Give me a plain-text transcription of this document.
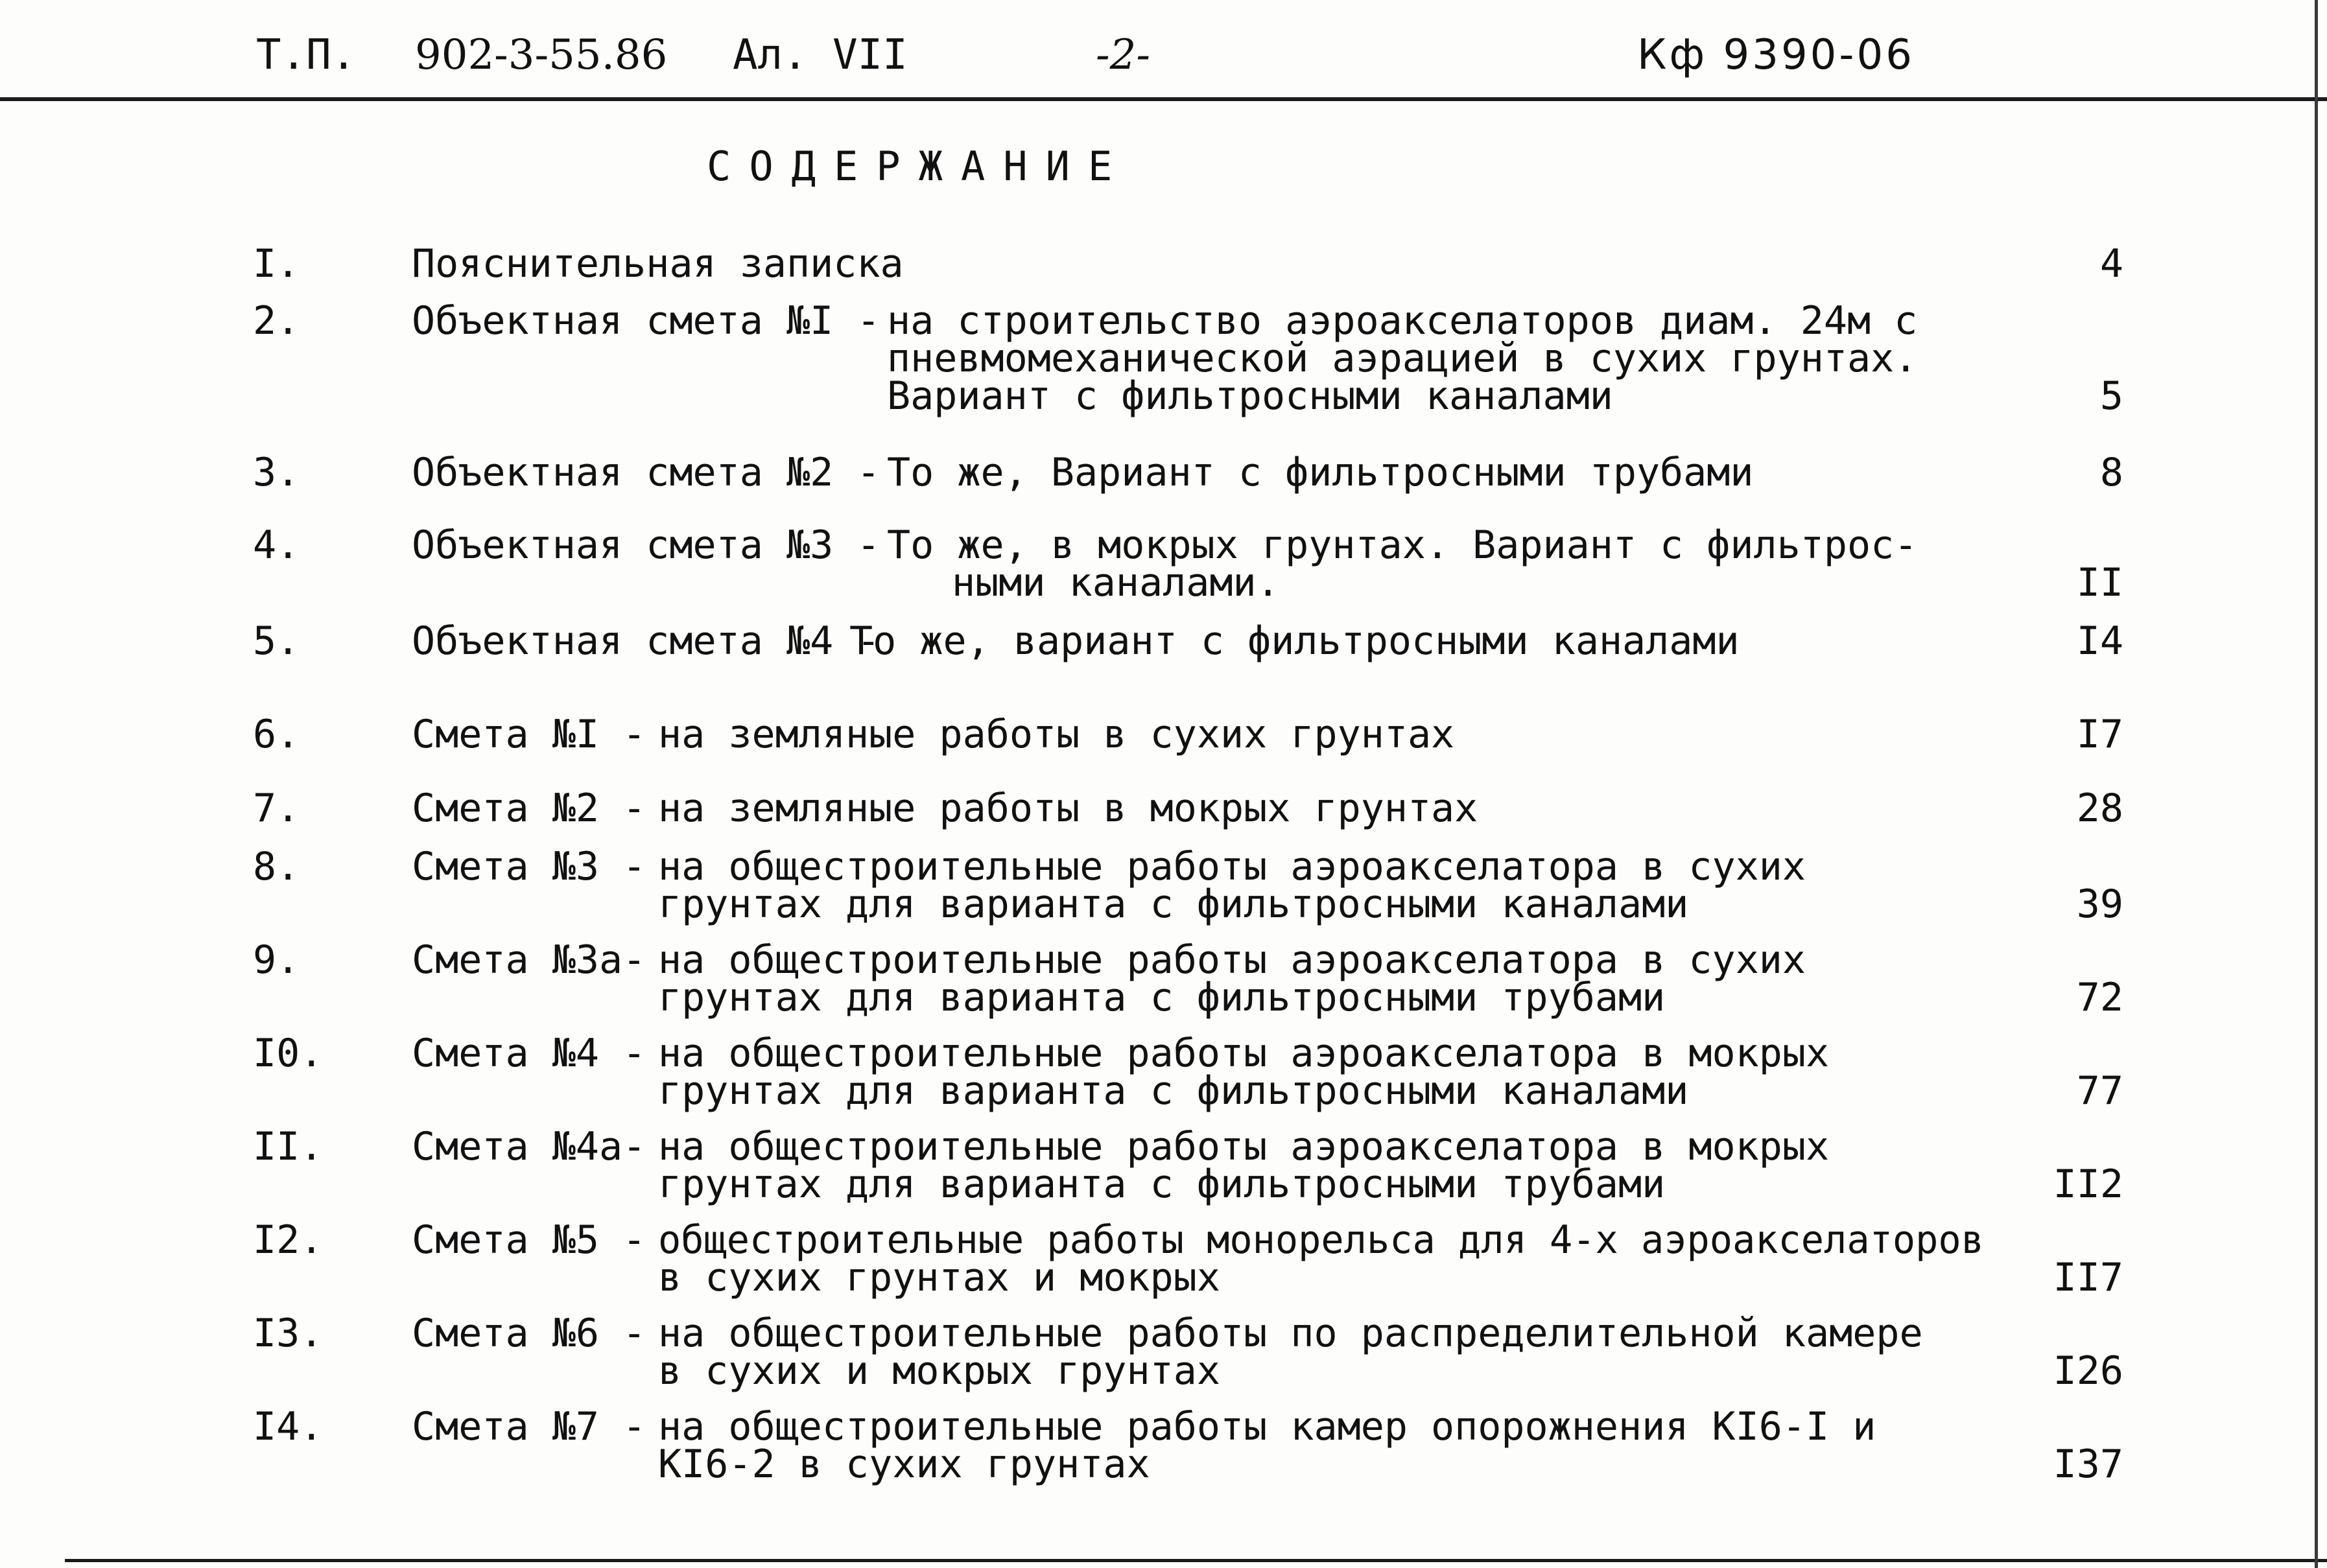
Т.П. 902-3-55.86 Ал. VII	-2-	Кф 9390-06
СОДЕРЖАНИЕ
I.	Пояснительная записка	4
2.	Объектная смета №I - на строительство аэроакселаторов диам. 24м с
пневмомеханической аэрацией в сухих грунтах.
Вариант с фильтросными каналами	5
3.	Объектная смета №2 - То же, Вариант с фильтросными трубами	8
4.	Объектная смета №3 - То же, в мокрых грунтах. Вариант с фильтрос-
ными каналами.	II
5.	Объектная смета №4 -
То же, вариант с фильтросными каналами	I4
6.	Смета №I - на земляные работы в сухих грунтах	I7
7.	Смета №2 - на земляные работы в мокрых грунтах	28
8.	Смета №3 - на общестроительные работы аэроакселатора в сухих
грунтах для варианта с фильтросными каналами	39
9.	Смета №3а- на общестроительные работы аэроакселатора в сухих
грунтах для варианта с фильтросными трубами	72
I0. Смета №4 - на общестроительные работы аэроакселатора в мокрых
грунтах для варианта с фильтросными каналами	77
II. Смета №4а- на общестроительные работы аэроакселатора в мокрых
грунтах для варианта с фильтросными трубами	II2
I2. Смета №5 - общестроительные работы монорельса для 4-х аэроакселаторов
в сухих грунтах и мокрых	II7
I3. Смета №6 - на общестроительные работы по распределительной камере
в сухих и мокрых грунтах	I26
I4. Смета №7 - на общестроительные работы камер опорожнения КI6-I и
КI6-2 в сухих грунтах	I37
